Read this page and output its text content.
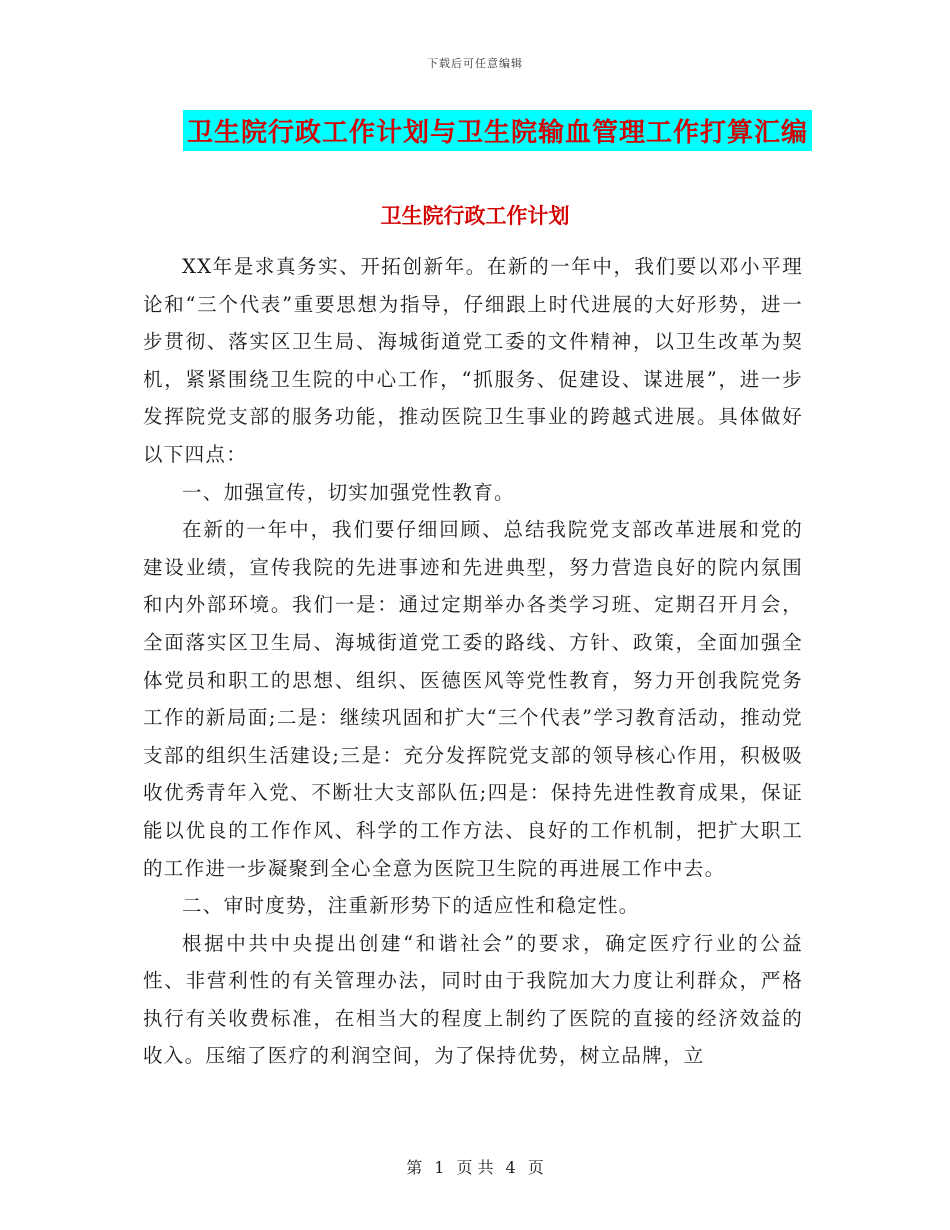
下载后可任意编辑
卫生院行政工作计划与卫生院输血管理工作打算汇编
卫生院行政工作计划

XX年是求真务实、开拓创新年。在新的一年中，我们要以邓小平理论和“三个代表”重要思想为指导，仔细跟上时代进展的大好形势，进一步贯彻、落实区卫生局、海城街道党工委的文件精神，以卫生改革为契机，紧紧围绕卫生院的中心工作，“抓服务、促建设、谋进展”，进一步发挥院党支部的服务功能，推动医院卫生事业的跨越式进展。具体做好以下四点：

一、加强宣传，切实加强党性教育。

在新的一年中，我们要仔细回顾、总结我院党支部改革进展和党的建设业绩，宣传我院的先进事迹和先进典型，努力营造良好的院内氛围和内外部环境。我们一是：通过定期举办各类学习班、定期召开月会，全面落实区卫生局、海城街道党工委的路线、方针、政策，全面加强全体党员和职工的思想、组织、医德医风等党性教育，努力开创我院党务工作的新局面;二是：继续巩固和扩大“三个代表”学习教育活动，推动党支部的组织生活建设;三是：充分发挥院党支部的领导核心作用，积极吸收优秀青年入党、不断壮大支部队伍;四是：保持先进性教育成果，保证能以优良的工作作风、科学的工作方法、良好的工作机制，把扩大职工的工作进一步凝聚到全心全意为医院卫生院的再进展工作中去。

二、审时度势，注重新形势下的适应性和稳定性。

根据中共中央提出创建“和谐社会”的要求，确定医疗行业的公益性、非营利性的有关管理办法，同时由于我院加大力度让利群众，严格执行有关收费标准，在相当大的程度上制约了医院的直接的经济效益的收入。压缩了医疗的利润空间，为了保持优势，树立品牌，立

第 1 页 共 4 页
